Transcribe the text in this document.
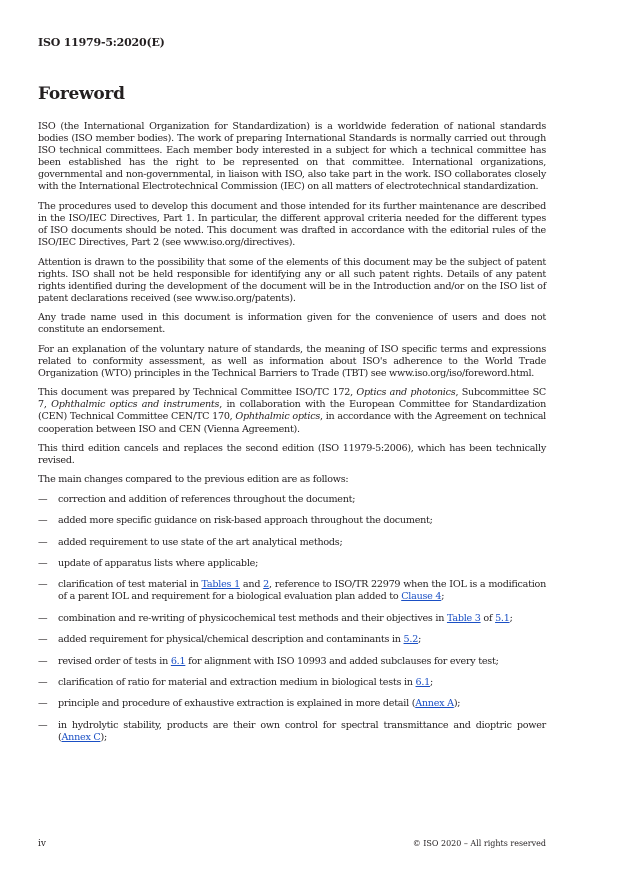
ISO 11979-5:2020(E)
Foreword

ISO (the International Organization for Standardization) is a worldwide federation of national standards bodies (ISO member bodies). The work of preparing International Standards is normally carried out through ISO technical committees. Each member body interested in a subject for which a technical committee has been established has the right to be represented on that committee. International organizations, governmental and non-governmental, in liaison with ISO, also take part in the work. ISO collaborates closely with the International Electrotechnical Commission (IEC) on all matters of electrotechnical standardization.

The procedures used to develop this document and those intended for its further maintenance are described in the ISO/IEC Directives, Part 1. In particular, the different approval criteria needed for the different types of ISO documents should be noted. This document was drafted in accordance with the editorial rules of the ISO/IEC Directives, Part 2 (see www.iso.org/directives).

Attention is drawn to the possibility that some of the elements of this document may be the subject of patent rights. ISO shall not be held responsible for identifying any or all such patent rights. Details of any patent rights identified during the development of the document will be in the Introduction and/or on the ISO list of patent declarations received (see www.iso.org/patents).

Any trade name used in this document is information given for the convenience of users and does not constitute an endorsement.

For an explanation of the voluntary nature of standards, the meaning of ISO specific terms and expressions related to conformity assessment, as well as information about ISO's adherence to the World Trade Organization (WTO) principles in the Technical Barriers to Trade (TBT) see www.iso.org/iso/foreword.html.

This document was prepared by Technical Committee ISO/TC 172, Optics and photonics, Subcommittee SC 7, Ophthalmic optics and instruments, in collaboration with the European Committee for Standardization (CEN) Technical Committee CEN/TC 170, Ophthalmic optics, in accordance with the Agreement on technical cooperation between ISO and CEN (Vienna Agreement).

This third edition cancels and replaces the second edition (ISO 11979-5:2006), which has been technically revised.

The main changes compared to the previous edition are as follows:

—	correction and addition of references throughout the document;
—	added more specific guidance on risk-based approach throughout the document;
—	added requirement to use state of the art analytical methods;
—	update of apparatus lists where applicable;
—	clarification of test material in Tables 1 and 2, reference to ISO/TR 22979 when the IOL is a modification of a parent IOL and requirement for a biological evaluation plan added to Clause 4;
—	combination and re-writing of physicochemical test methods and their objectives in Table 3 of 5.1;
—	added requirement for physical/chemical description and contaminants in 5.2;
—	revised order of tests in 6.1 for alignment with ISO 10993 and added subclauses for every test;
—	clarification of ratio for material and extraction medium in biological tests in 6.1;
—	principle and procedure of exhaustive extraction is explained in more detail (Annex A);
—	in hydrolytic stability, products are their own control for spectral transmittance and dioptric power (Annex C);
iv	© ISO 2020 – All rights reserved
